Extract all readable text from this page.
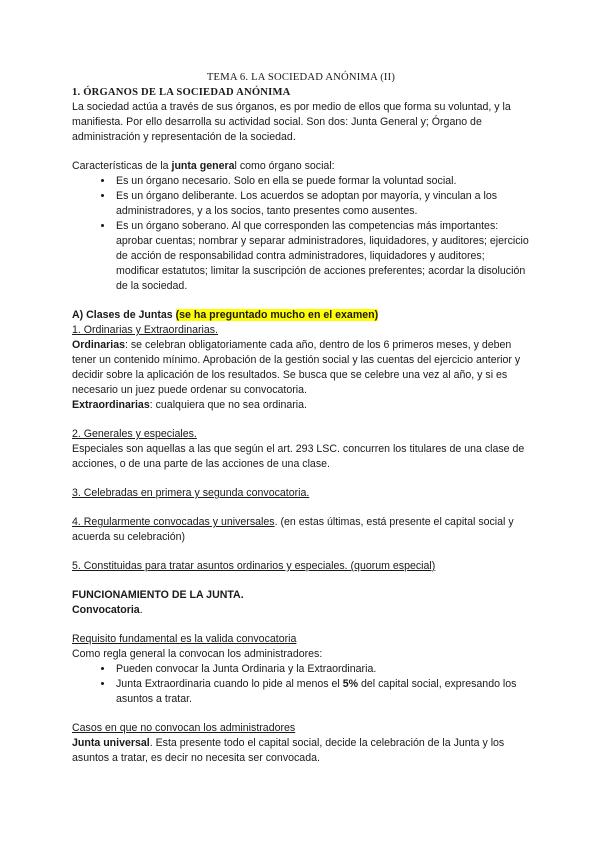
TEMA 6. LA SOCIEDAD ANÓNIMA (II)

1. ÓRGANOS DE LA SOCIEDAD ANÓNIMA

La sociedad actúa a través de sus órganos, es por medio de ellos que forma su voluntad, y la manifiesta. Por ello desarrolla su actividad social. Son dos: Junta General y; Órgano de administración y representación de la sociedad.

Características de la junta general como órgano social:

• Es un órgano necesario. Solo en ella se puede formar la voluntad social.
• Es un órgano deliberante. Los acuerdos se adoptan por mayoría, y vinculan a los administradores, y a los socios, tanto presentes como ausentes.
• Es un órgano soberano. Al que corresponden las competencias más importantes: aprobar cuentas; nombrar y separar administradores, liquidadores, y auditores; ejercicio de acción de responsabilidad contra administradores, liquidadores y auditores; modificar estatutos; limitar la suscripción de acciones preferentes; acordar la disolución de la sociedad.

A) Clases de Juntas (se ha preguntado mucho en el examen)

1. Ordinarias y Extraordinarias.

Ordinarias: se celebran obligatoriamente cada año, dentro de los 6 primeros meses, y deben tener un contenido mínimo. Aprobación de la gestión social y las cuentas del ejercicio anterior y decidir sobre la aplicación de los resultados. Se busca que se celebre una vez al año, y si es necesario un juez puede ordenar su convocatoria.

Extraordinarias: cualquiera que no sea ordinaria.

2. Generales y especiales.

Especiales son aquellas a las que según el art. 293 LSC. concurren los titulares de una clase de acciones, o de una parte de las acciones de una clase.

3. Celebradas en primera y segunda convocatoria.

4. Regularmente convocadas y universales. (en estas últimas, está presente el capital social y acuerda su celebración)

5. Constituidas para tratar asuntos ordinarios y especiales. (quorum especial)

FUNCIONAMIENTO DE LA JUNTA.

Convocatoria.

Requisito fundamental es la valida convocatoria

Como regla general la convocan los administradores:

• Pueden convocar la Junta Ordinaria y la Extraordinaria.
• Junta Extraordinaria cuando lo pide al menos el 5% del capital social, expresando los asuntos a tratar.

Casos en que no convocan los administradores

Junta universal. Esta presente todo el capital social, decide la celebración de la Junta y los asuntos a tratar, es decir no necesita ser convocada.
